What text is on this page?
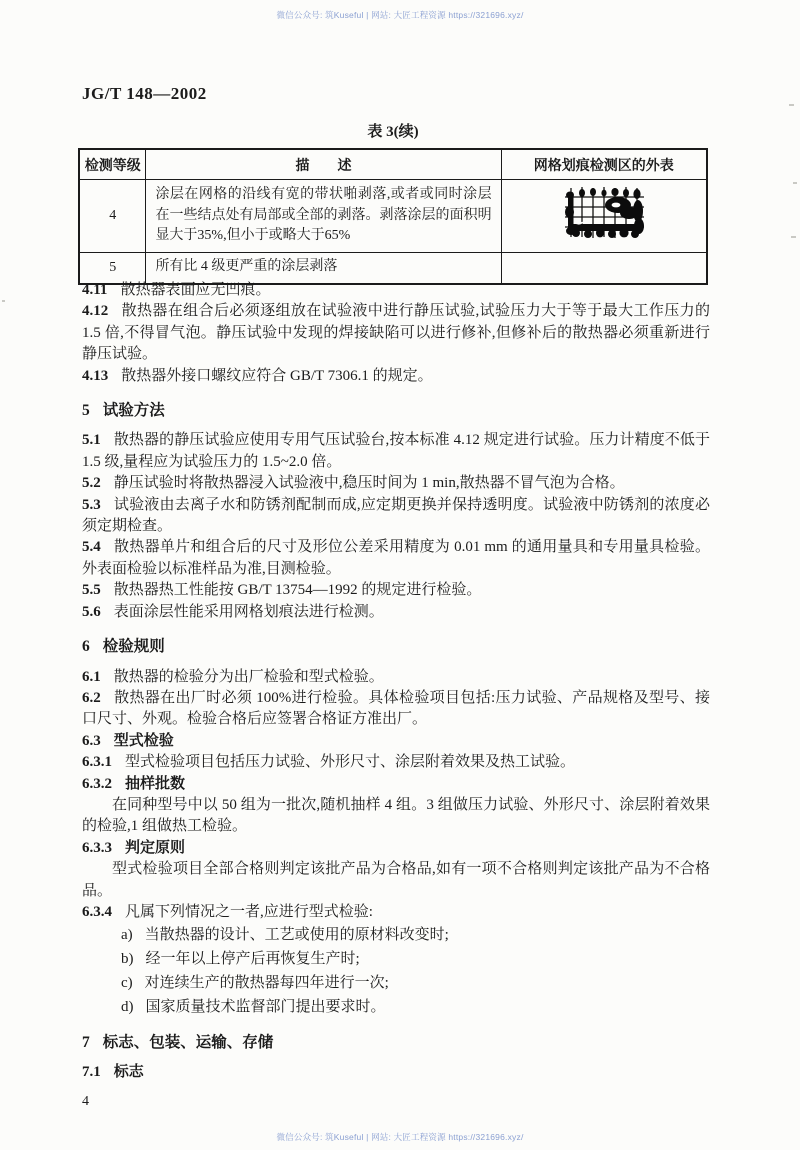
微信公众号: 筑Kuseful | 网站: 大匠工程资源 https://321696.xyz/
JG/T 148—2002
表 3(续)
检测等级	描　　述	网格划痕检测区的外表
4	涂层在网格的沿线有宽的带状啪剥落,或者或同时涂层在一些结点处有局部或全部的剥落。剥落涂层的面积明显大于35%,但小于或略大于65%	
5	所有比 4 级更严重的涂层剥落	
4.11 散热器表面应无凹痕。
4.12 散热器在组合后必须逐组放在试验液中进行静压试验,试验压力大于等于最大工作压力的 1.5 倍,不得冒气泡。静压试验中发现的焊接缺陷可以进行修补,但修补后的散热器必须重新进行静压试验。
4.13 散热器外接口螺纹应符合 GB/T 7306.1 的规定。
5 试验方法
5.1 散热器的静压试验应使用专用气压试验台,按本标准 4.12 规定进行试验。压力计精度不低于 1.5 级,量程应为试验压力的 1.5~2.0 倍。
5.2 静压试验时将散热器浸入试验液中,稳压时间为 1 min,散热器不冒气泡为合格。
5.3 试验液由去离子水和防锈剂配制而成,应定期更换并保持透明度。试验液中防锈剂的浓度必须定期检查。
5.4 散热器单片和组合后的尺寸及形位公差采用精度为 0.01 mm 的通用量具和专用量具检验。外表面检验以标准样品为准,目测检验。
5.5 散热器热工性能按 GB/T 13754—1992 的规定进行检验。
5.6 表面涂层性能采用网格划痕法进行检测。
6 检验规则
6.1 散热器的检验分为出厂检验和型式检验。
6.2 散热器在出厂时必须 100%进行检验。具体检验项目包括:压力试验、产品规格及型号、接口尺寸、外观。检验合格后应签署合格证方准出厂。
6.3 型式检验
6.3.1 型式检验项目包括压力试验、外形尺寸、涂层附着效果及热工试验。
6.3.2 抽样批数
在同种型号中以 50 组为一批次,随机抽样 4 组。3 组做压力试验、外形尺寸、涂层附着效果的检验,1 组做热工检验。
6.3.3 判定原则
型式检验项目全部合格则判定该批产品为合格品,如有一项不合格则判定该批产品为不合格品。
6.3.4 凡属下列情况之一者,应进行型式检验:
a) 当散热器的设计、工艺或使用的原材料改变时;
b) 经一年以上停产后再恢复生产时;
c) 对连续生产的散热器每四年进行一次;
d) 国家质量技术监督部门提出要求时。
7 标志、包装、运输、存储
7.1 标志
4
微信公众号: 筑Kuseful | 网站: 大匠工程资源 https://321696.xyz/
